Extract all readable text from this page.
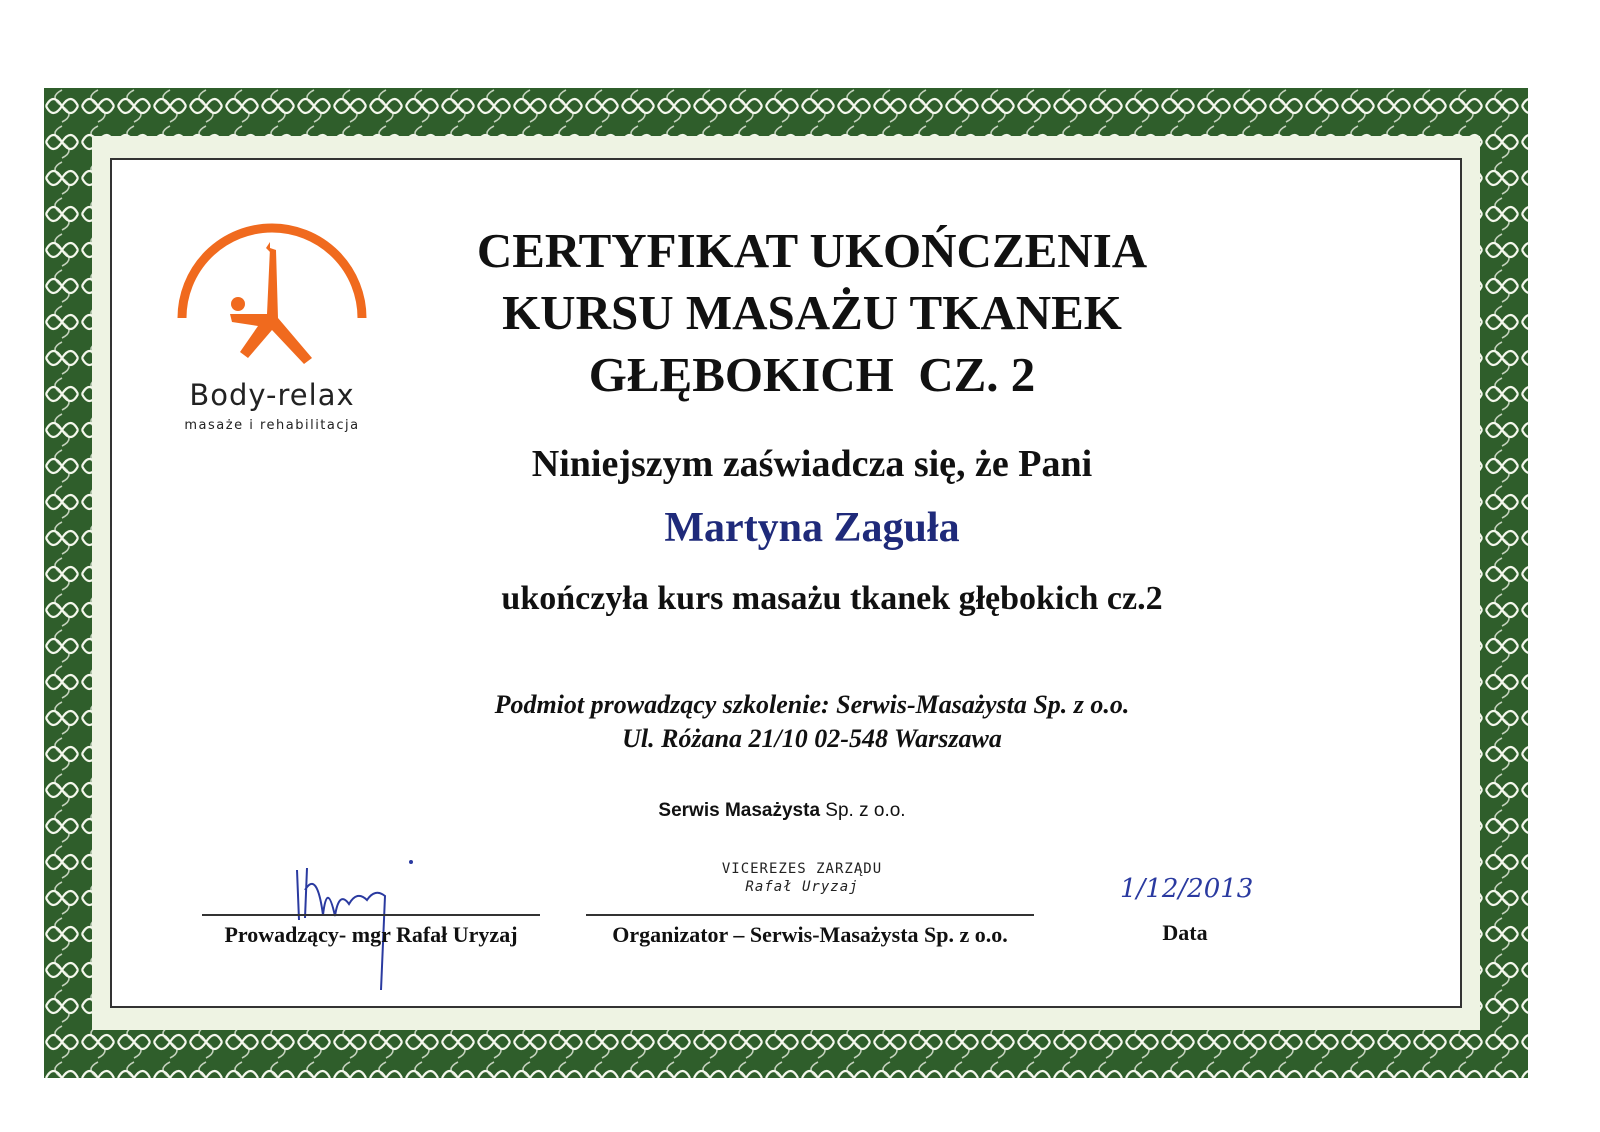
Body-relax
masaże i rehabilitacja
CERTYFIKAT UKOŃCZENIA
KURSU MASAŻU TKANEK
GŁĘBOKICH  CZ. 2
Niniejszym zaświadcza się, że Pani
Martyna Zaguła
ukończyła kurs masażu tkanek głębokich cz.2
Podmiot prowadzący szkolenie: Serwis-Masażysta Sp. z o.o.
Ul. Różana 21/10 02-548 Warszawa
Serwis Masażysta Sp. z o.o.
VICEREZES ZARZĄDU
Rafał Uryzaj
Prowadzący- mgr Rafał Uryzaj	Organizator – Serwis-Masażysta Sp. z o.o.
1/12/2013
Data
